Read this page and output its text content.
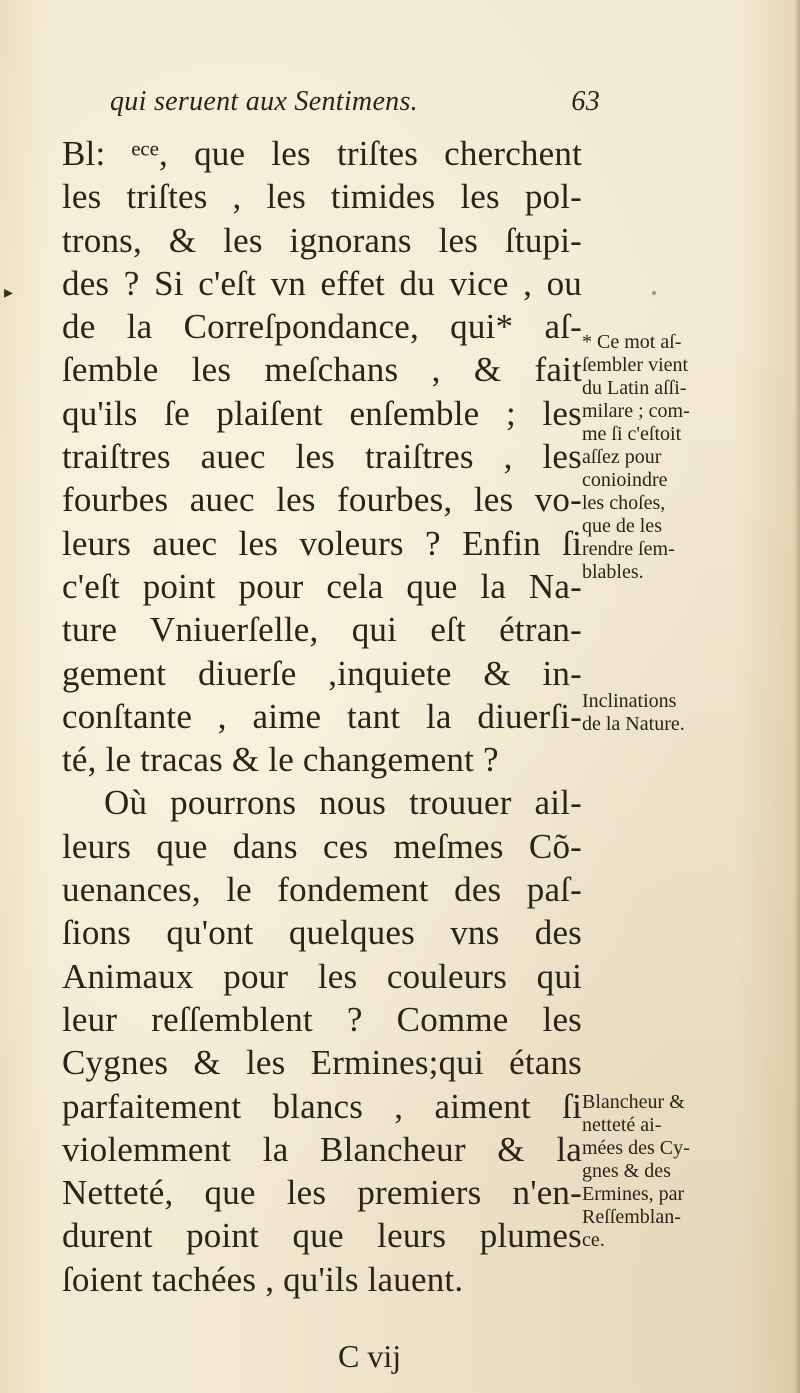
▸
qui seruent aux Sentimens.	63
Bl: ᵉᶜᵉ, que les triſtes cherchent
les triſtes , les timides les pol-
trons, & les ignorans les ſtupi-
des ? Si c'eſt vn effet du vice , ou
de la Correſpondance, qui* aſ-
ſemble les meſchans , & fait
qu'ils ſe plaiſent enſemble ; les
traiſtres auec les traiſtres , les
fourbes auec les fourbes, les vo-
leurs auec les voleurs ? Enfin ſi
c'eſt point pour cela que la Na-
ture Vniuerſelle, qui eſt étran-
gement diuerſe ,inquiete & in-
conſtante , aime tant la diuerſi-
té, le tracas & le changement ?
Où pourrons nous trouuer ail-
leurs que dans ces meſmes Cõ-
uenances, le fondement des paſ-
ſions qu'ont quelques vns des
Animaux pour les couleurs qui
leur reſſemblent ? Comme les
Cygnes & les Ermines;qui étans
parfaitement blancs , aiment ſi
violemment la Blancheur & la
Netteté, que les premiers n'en-
durent point que leurs plumes
ſoient tachées , qu'ils lauent.
* Ce mot aſ-
ſembler vient
du Latin aſſi-
milare ; com-
me ſi c'eſtoit
aſſez pour
conioindre
les choſes,
que de les
rendre ſem-
blables.
Inclinations
de la Nature.
Blancheur &
netteté ai-
mées des Cy-
gnes & des
Ermines, par
Reſſemblan-
ce.
C vij
